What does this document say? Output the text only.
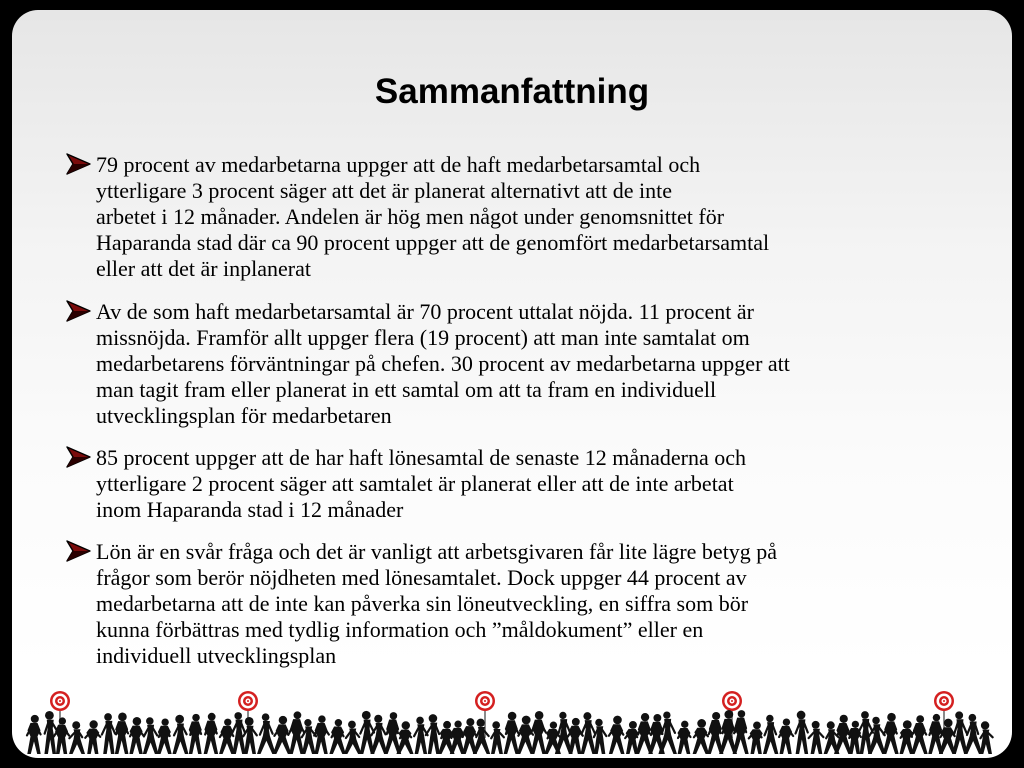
Sammanfattning
79 procent av medarbetarna uppger att de haft medarbetarsamtal och
ytterligare 3 procent säger att det är planerat alternativt att de inte
arbetet i 12 månader. Andelen är hög men något under genomsnittet för
Haparanda stad där ca 90 procent uppger att de genomfört medarbetarsamtal
eller att det är inplanerat
Av de som haft medarbetarsamtal är 70 procent uttalat nöjda. 11 procent är
missnöjda. Framför allt uppger flera (19 procent) att man inte samtalat om
medarbetarens förväntningar på chefen. 30 procent av medarbetarna uppger att
man tagit fram eller planerat in ett samtal om att ta fram en individuell
utvecklingsplan för medarbetaren
85 procent uppger att de har haft lönesamtal de senaste 12 månaderna och
ytterligare 2 procent säger att samtalet är planerat eller att de inte arbetat
inom Haparanda stad i 12 månader
Lön är en svår fråga och det är vanligt att arbetsgivaren får lite lägre betyg på
frågor som berör nöjdheten med lönesamtalet. Dock uppger 44 procent av
medarbetarna att de inte kan påverka sin löneutveckling, en siffra som bör
kunna förbättras med tydlig information och ”måldokument” eller en
individuell utvecklingsplan
